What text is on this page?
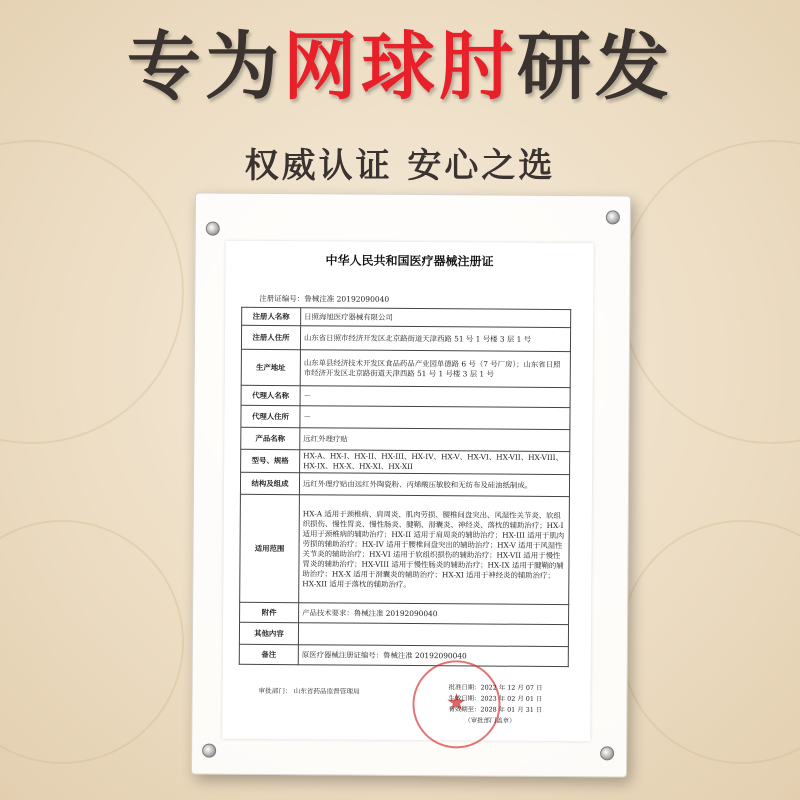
专为网球肘研发
权威认证 安心之选
中华人民共和国医疗器械注册证
注册证编号：鲁械注准 20192090040
注册人名称	日照海旭医疗器械有限公司
注册人住所	山东省日照市经济开发区北京路街道天津西路 51 号 1 号楼 3 层 1 号
生产地址	山东单县经济技术开发区食品药品产业园单德路 6 号（7 号厂房）；山东省日照市经济开发区北京路街道天津西路 51 号 1 号楼 3 层 1 号
代理人名称	－
代理人住所	－
产品名称	远红外理疗贴
型号、规格	HX-A、HX-I、HX-II、HX-III、HX-IV、HX-V、HX-VI、HX-VII、HX-VIII、HX-IX、HX-X、HX-XI、HX-XII
结构及组成	远红外理疗贴由远红外陶瓷粉、丙烯酸压敏胶和无纺布及硅油纸制成。
适用范围	HX-A 适用于颈椎病、肩周炎、肌肉劳损、腰椎间盘突出、风湿性关节炎、软组织损伤、慢性胃炎、慢性肠炎、腱鞘、滑囊炎、神经炎、落枕的辅助治疗；HX-I 适用于颈椎病的辅助治疗；HX-II 适用于肩周炎的辅助治疗；HX-III 适用于肌肉劳损的辅助治疗；HX-IV 适用于腰椎间盘突出的辅助治疗；HX-V 适用于风湿性关节炎的辅助治疗；HX-VI 适用于软组织损伤的辅助治疗；HX-VII 适用于慢性胃炎的辅助治疗；HX-VIII 适用于慢性肠炎的辅助治疗；HX-IX 适用于腱鞘的辅助治疗；HX-X 适用于滑囊炎的辅助治疗；HX-XI 适用于神经炎的辅助治疗；HX-XII 适用于落枕的辅助治疗。
附件	产品技术要求：鲁械注准 20192090040
其他内容	
备注	原医疗器械注册证编号：鲁械注准 20192090040
审批部门： 山东省药品监督管理局	★
批准日期：2022 年 12 月 07 日
生效日期：2023 年 02 月 01 日
有效期至：2028 年 01 月 31 日
（审批部门盖章）
